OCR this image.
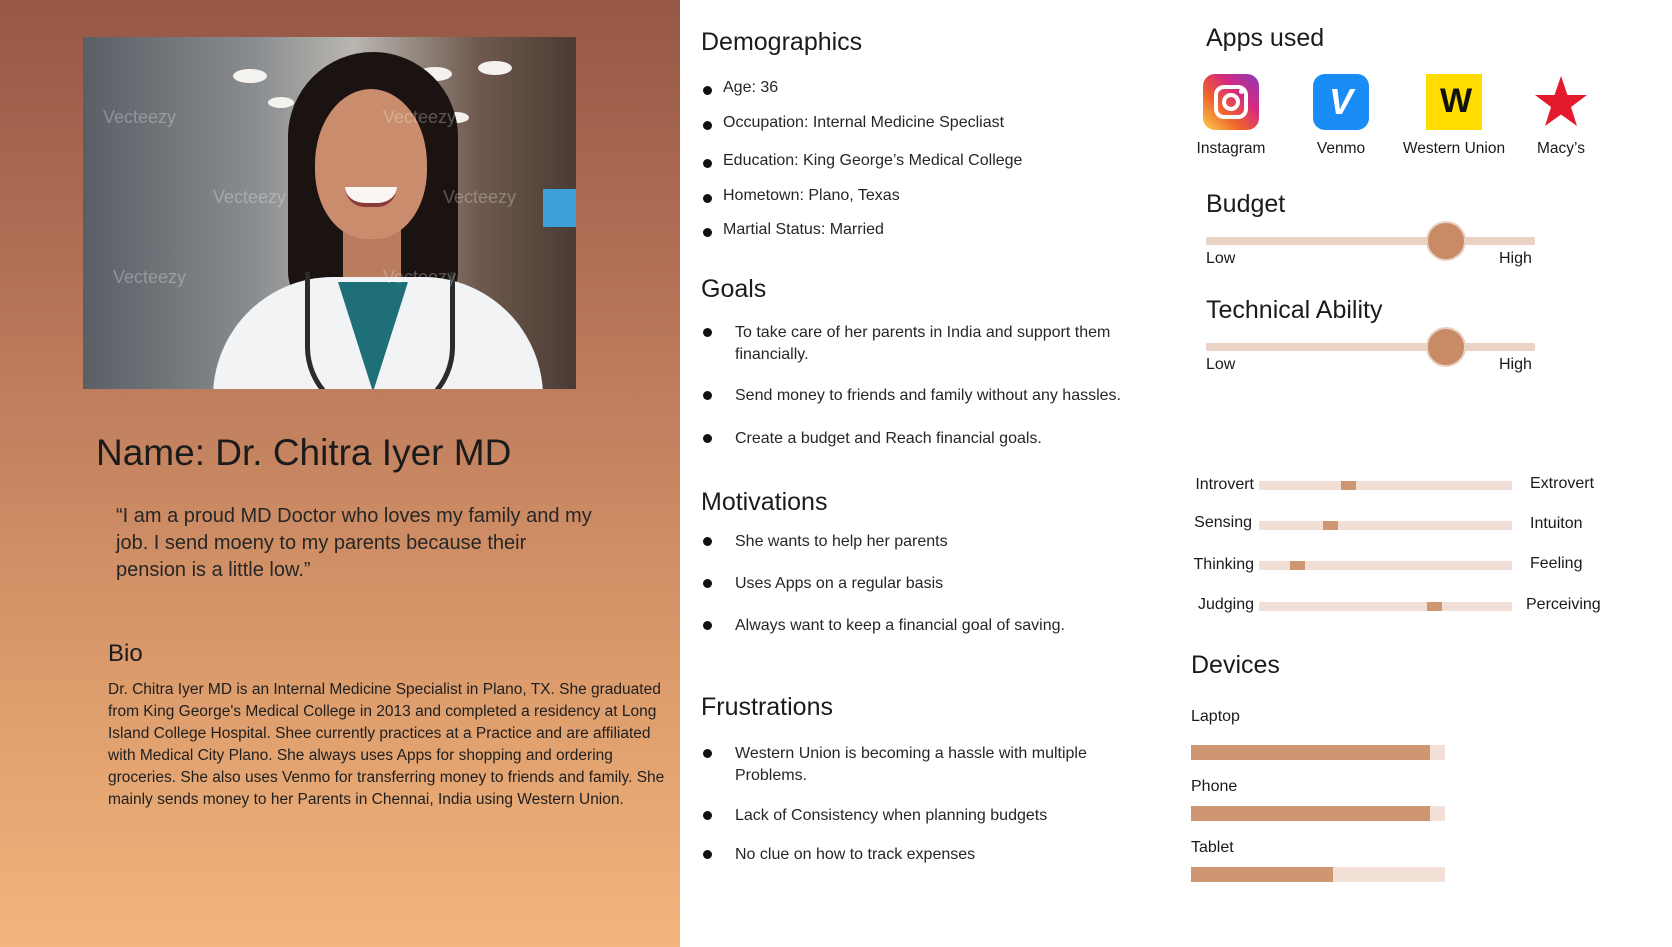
Vecteezy	Vecteezy
Vecteezy	Vecteezy
Vecteezy	Vecteezy
Name: Dr. Chitra Iyer MD
“I am a proud MD Doctor who loves my family and my job. I send moeny to my parents because their pension is a little low.”
Bio
Dr. Chitra Iyer MD is an Internal Medicine Specialist in Plano, TX. She graduated from King George's Medical College in 2013 and completed a residency at Long Island College Hospital. Shee currently practices at a Practice and are affiliated with Medical City Plano. She always uses Apps for shopping and ordering groceries. She also uses Venmo for transferring money to friends and family. She mainly sends money to her Parents in Chennai, India using Western Union.
Demographics
Age: 36
Occupation: Internal Medicine Specliast
Education: King George’s Medical College
Hometown: Plano, Texas
Martial Status: Married
Goals
To take care of her parents in India and support them financially.
Send money to friends and family without any hassles.
Create a budget and Reach financial goals.
Motivations
She wants to help her parents
Uses Apps on a regular basis
Always want to keep a financial goal of saving.
Frustrations
Western Union is becoming a hassle with multiple Problems.
Lack of Consistency when planning budgets
No clue on how to track expenses
Apps used
Instagram
V
Venmo
W
Western Union	Macy’s
Budget
Low	High
Technical Ability
Low	High
Introvert	Extrovert
Sensing	Intuiton
Thinking	Feeling
Judging	Perceiving
Devices
Laptop
Phone
Tablet
